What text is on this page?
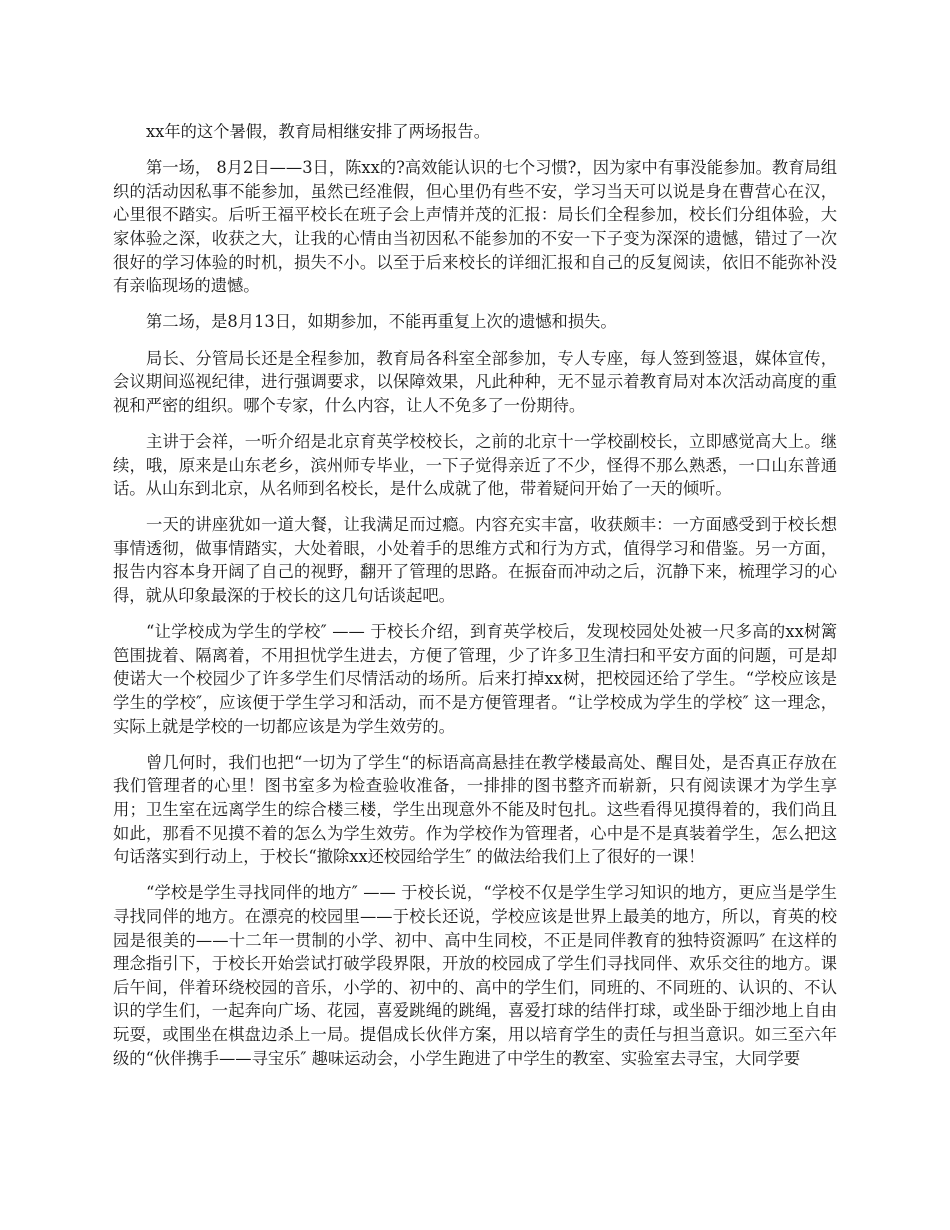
xx年的这个暑假，教育局相继安排了两场报告。

第一场， 8月2日——3日，陈xx的?高效能认识的七个习惯?，因为家中有事没能参加。教育局组织的活动因私事不能参加，虽然已经准假，但心里仍有些不安，学习当天可以说是身在曹营心在汉，心里很不踏实。后听王福平校长在班子会上声情并茂的汇报：局长们全程参加，校长们分组体验，大家体验之深，收获之大，让我的心情由当初因私不能参加的不安一下子变为深深的遗憾，错过了一次很好的学习体验的时机，损失不小。以至于后来校长的详细汇报和自己的反复阅读，依旧不能弥补没有亲临现场的遗憾。

第二场，是8月13日，如期参加，不能再重复上次的遗憾和损失。

局长、分管局长还是全程参加，教育局各科室全部参加，专人专座，每人签到签退，媒体宣传，会议期间巡视纪律，进行强调要求，以保障效果，凡此种种，无不显示着教育局对本次活动高度的重视和严密的组织。哪个专家，什么内容，让人不免多了一份期待。

主讲于会祥，一听介绍是北京育英学校校长，之前的北京十一学校副校长，立即感觉高大上。继续，哦，原来是山东老乡，滨州师专毕业，一下子觉得亲近了不少，怪得不那么熟悉，一口山东普通话。从山东到北京，从名师到名校长，是什么成就了他，带着疑问开始了一天的倾听。

一天的讲座犹如一道大餐，让我满足而过瘾。内容充实丰富，收获颇丰：一方面感受到于校长想事情透彻，做事情踏实，大处着眼，小处着手的思维方式和行为方式，值得学习和借鉴。另一方面，报告内容本身开阔了自己的视野，翻开了管理的思路。在振奋而冲动之后，沉静下来，梳理学习的心得，就从印象最深的于校长的这几句话谈起吧。

“让学校成为学生的学校″ —— 于校长介绍，到育英学校后，发现校园处处被一尺多高的xx树篱笆围拢着、隔离着，不用担忧学生进去，方便了管理，少了许多卫生清扫和平安方面的问题，可是却使诺大一个校园少了许多学生们尽情活动的场所。后来打掉xx树，把校园还给了学生。“学校应该是学生的学校″，应该便于学生学习和活动，而不是方便管理者。“让学校成为学生的学校″ 这一理念，实际上就是学校的一切都应该是为学生效劳的。

曾几何时，我们也把“一切为了学生“的标语高高悬挂在教学楼最高处、醒目处，是否真正存放在我们管理者的心里！图书室多为检查验收准备，一排排的图书整齐而崭新，只有阅读课才为学生享用；卫生室在远离学生的综合楼三楼，学生出现意外不能及时包扎。这些看得见摸得着的，我们尚且如此，那看不见摸不着的怎么为学生效劳。作为学校作为管理者，心中是不是真装着学生，怎么把这句话落实到行动上，于校长“撤除xx还校园给学生″ 的做法给我们上了很好的一课！

“学校是学生寻找同伴的地方″ —— 于校长说，“学校不仅是学生学习知识的地方，更应当是学生寻找同伴的地方。在漂亮的校园里——于校长还说，学校应该是世界上最美的地方，所以，育英的校园是很美的——十二年一贯制的小学、初中、高中生同校，不正是同伴教育的独特资源吗″ 在这样的理念指引下，于校长开始尝试打破学段界限，开放的校园成了学生们寻找同伴、欢乐交往的地方。课后午间，伴着环绕校园的音乐，小学的、初中的、高中的学生们，同班的、不同班的、认识的、不认识的学生们，一起奔向广场、花园，喜爱跳绳的跳绳，喜爱打球的结伴打球，或坐卧于细沙地上自由玩耍，或围坐在棋盘边杀上一局。提倡成长伙伴方案，用以培育学生的责任与担当意识。如三至六年级的“伙伴携手——寻宝乐″ 趣味运动会，小学生跑进了中学生的教室、实验室去寻宝，大同学要
